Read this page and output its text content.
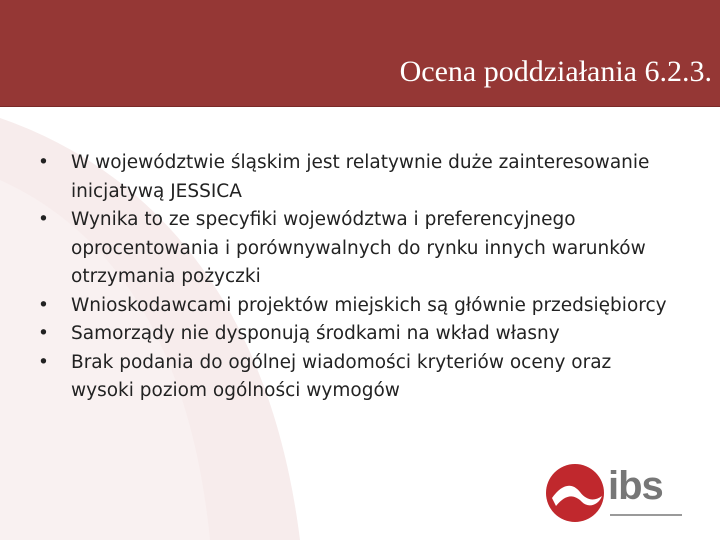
Ocena poddziałania 6.2.3.
•	W województwie śląskim jest relatywnie duże zainteresowanie inicjatywą JESSICA
•	Wynika to ze specyfiki województwa i preferencyjnego oprocentowania i porównywalnych do rynku innych warunków otrzymania pożyczki
•	Wnioskodawcami projektów miejskich są głównie przedsiębiorcy
•	Samorządy nie dysponują środkami na wkład własny
•	Brak podania do ogólnej wiadomości kryteriów oceny oraz wysoki poziom ogólności wymogów
ibs
